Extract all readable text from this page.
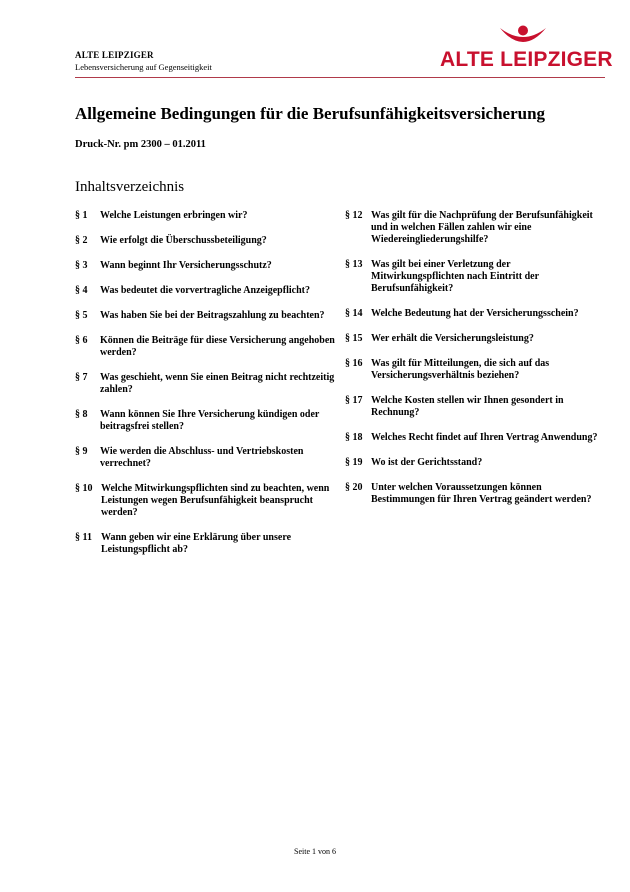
ALTE LEIPZIGER
Lebensversicherung auf Gegenseitigkeit	ALTE LEIPZIGER
Allgemeine Bedingungen für die Berufsunfähigkeitsversicherung
Druck-Nr. pm 2300 – 01.2011
Inhaltsverzeichnis
§ 1	Welche Leistungen erbringen wir?
§ 2	Wie erfolgt die Überschussbeteiligung?
§ 3	Wann beginnt Ihr Versicherungsschutz?
§ 4	Was bedeutet die vorvertragliche Anzeigepflicht?
§ 5	Was haben Sie bei der Beitragszahlung zu beachten?
§ 6	Können die Beiträge für diese Versicherung angehoben werden?
§ 7	Was geschieht, wenn Sie einen Beitrag nicht rechtzeitig zahlen?
§ 8	Wann können Sie Ihre Versicherung kündigen oder beitragsfrei stellen?
§ 9	Wie werden die Abschluss- und Vertriebskosten verrechnet?
§ 10 Welche Mitwirkungspflichten sind zu beachten, wenn Leistungen wegen Berufsunfähigkeit beansprucht werden?
§ 11 Wann geben wir eine Erklärung über unsere Leistungspflicht ab?
§ 12 Was gilt für die Nachprüfung der Berufsunfähigkeit und in welchen Fällen zahlen wir eine Wiedereingliederungshilfe?
§ 13 Was gilt bei einer Verletzung der Mitwirkungspflichten nach Eintritt der Berufsunfähigkeit?
§ 14 Welche Bedeutung hat der Versicherungsschein?
§ 15 Wer erhält die Versicherungsleistung?
§ 16 Was gilt für Mitteilungen, die sich auf das Versicherungsverhältnis beziehen?
§ 17 Welche Kosten stellen wir Ihnen gesondert in Rechnung?
§ 18 Welches Recht findet auf Ihren Vertrag Anwendung?
§ 19 Wo ist der Gerichtsstand?
§ 20 Unter welchen Voraussetzungen können Bestimmungen für Ihren Vertrag geändert werden?
Seite 1 von 6
